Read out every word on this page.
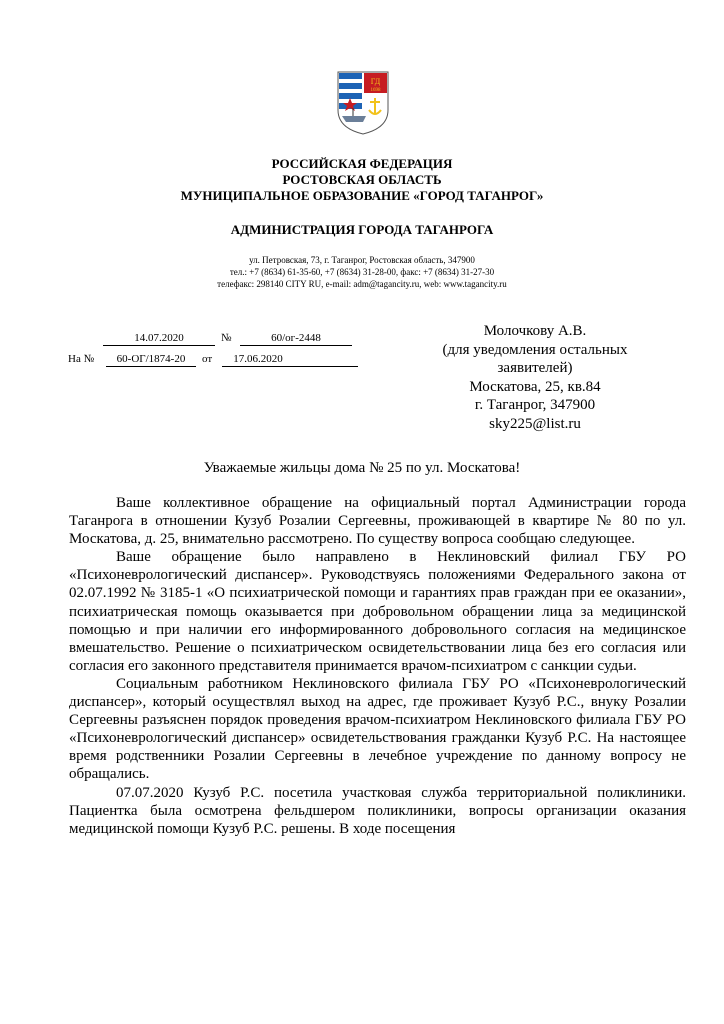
ГД
1698
РОССИЙСКАЯ ФЕДЕРАЦИЯ
РОСТОВСКАЯ ОБЛАСТЬ
МУНИЦИПАЛЬНОЕ ОБРАЗОВАНИЕ «ГОРОД ТАГАНРОГ»
АДМИНИСТРАЦИЯ ГОРОДА ТАГАНРОГА
ул. Петровская, 73, г. Таганрог, Ростовская область, 347900
тел.: +7 (8634) 61-35-60, +7 (8634) 31-28-00, факс: +7 (8634) 31-27-30
телефакс: 298140 CITY RU, e-mail: adm@tagancity.ru, web: www.tagancity.ru
14.07.2020	№	60/ог-2448
На №	60-ОГ/1874-20	от	17.06.2020
Молочкову А.В.
(для уведомления остальных
заявителей)
Москатова, 25, кв.84
г. Таганрог, 347900
sky225@list.ru
Уважаемые жильцы дома № 25 по ул. Москатова!

Ваше коллективное обращение на официальный портал Администрации города Таганрога в отношении Кузуб Розалии Сергеевны, проживающей в квартире № 80 по ул. Москатова, д. 25, внимательно рассмотрено. По существу вопроса сообщаю следующее.

Ваше обращение было направлено в Неклиновский филиал ГБУ РО «Психоневрологический диспансер». Руководствуясь положениями Федерального закона от 02.07.1992 № 3185-1 «О психиатрической помощи и гарантиях прав граждан при ее оказании», психиатрическая помощь оказывается при добровольном обращении лица за медицинской помощью и при наличии его информированного добровольного согласия на медицинское вмешательство. Решение о психиатрическом освидетельствовании лица без его согласия или согласия его законного представителя принимается врачом-психиатром с санкции судьи.

Социальным работником Неклиновского филиала ГБУ РО «Психоневрологический диспансер», который осуществлял выход на адрес, где проживает Кузуб Р.С., внуку Розалии Сергеевны разъяснен порядок проведения врачом-психиатром Неклиновского филиала ГБУ РО «Психоневрологический диспансер» освидетельствования гражданки Кузуб Р.С. На настоящее время родственники Розалии Сергеевны в лечебное учреждение по данному вопросу не обращались.

07.07.2020 Кузуб Р.С. посетила участковая служба территориальной поликлиники. Пациентка была осмотрена фельдшером поликлиники, вопросы организации оказания медицинской помощи Кузуб Р.С. решены. В ходе посещения
